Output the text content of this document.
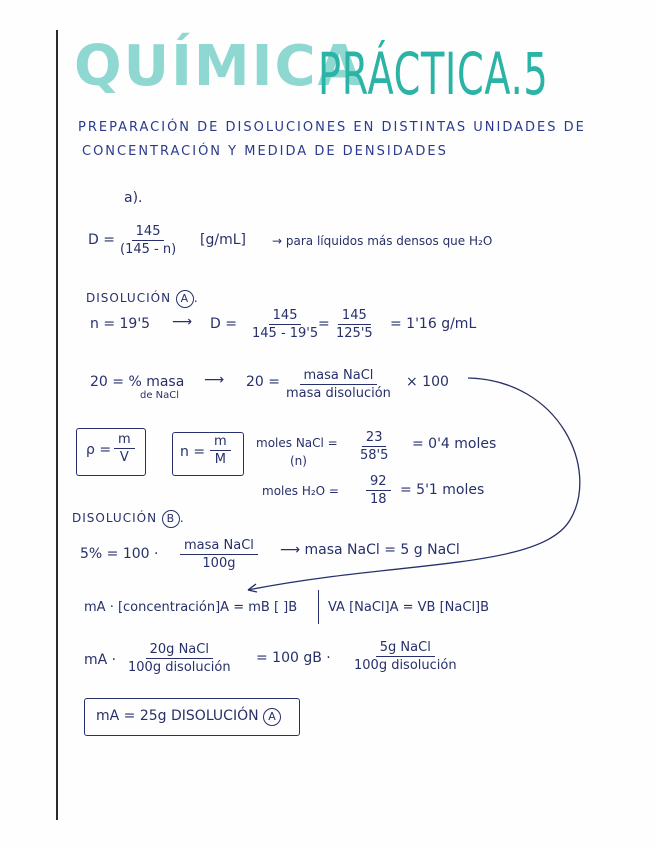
QUÍMICA
PRÁCTICA.5
PREPARACIÓN DE DISOLUCIONES EN DISTINTAS UNIDADES DE
CONCENTRACIÓN Y MEDIDA DE DENSIDADES
a).
$D = \frac{145}{(145 - n)} [g/mL]$ → para líquidos más densos que H₂O
DISOLUCIÓN A .
n = 19'5 ⟶ $D = \frac{145}{145 - 19'5} = \frac{145}{125'5} = 1'16$ g/mL
20 = % masa
de NaCl
⟶ 20 =	masa NaCl
masa disolución
× 100
$\rho = \frac{m}{V}$	$n = \frac{m}{M}$ moles NaCl =
(n)	$\frac{23}{58'5} = 0'4$ moles
moles $H_2O = \frac{92}{18} = 5'1$ moles
DISOLUCIÓN B .
5% = 100 ·
masa NaCl
100g
⟶ masa NaCl = 5 g NaCl
mA · [concentración]A = mB [ ]B VA [NaCl]A = VB [NaCl]B
mA ·
20g NaCl
100g disolución
= 100 gB ·
5g NaCl
100g disolución
mA = 25g DISOLUCIÓN A
